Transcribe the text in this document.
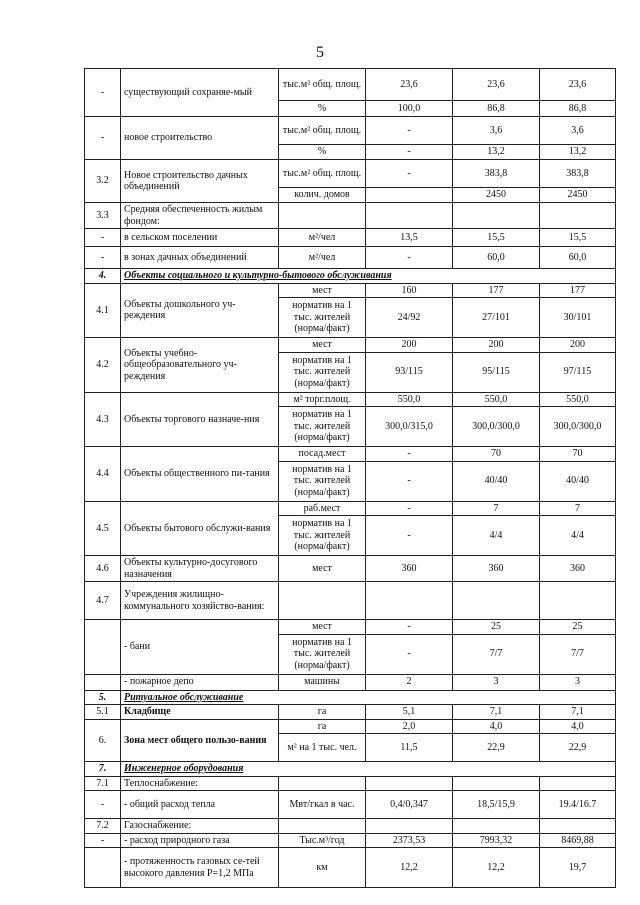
5
-	существующий сохраняе-мый	тыс.м² общ. площ.	23,6	23,6	23,6
		%	100,0	86,8	86,8
-	новое строительство	тыс.м² общ. площ.	-	3,6	3,6
		%	-	13,2	13,2
3.2	Новое строительство дачных объединений	тыс.м² общ. площ.	-	383,8	383,8
		колич. домов		2450	2450
3.3	Средняя обеспеченность жилым фондом:				
-	в сельском поселении	м²/чел	13,5	15,5	15,5
-	в зонах дачных объединений	м²/чел	-	60,0	60,0
4.	Объекты социального и культурно-бытового обслуживания				
4.1	Объекты дошкольного уч-реждения	мест	160	177	177
		норматив на 1 тыс. жителей (норма/факт)	24/92	27/101	30/101
4.2	Объекты учебно-общеобразовательного уч-реждения	мест	200	200	200
		норматив на 1 тыс. жителей (норма/факт)	93/115	95/115	97/115
4.3	Объекты торгового назначе-ния	м² торг.площ.	550,0	550,0	550,0
		норматив на 1 тыс. жителей (норма/факт)	300,0/315,0	300,0/300,0	300,0/300,0
4.4	Объекты общественного пи-тания	посад.мест	-	70	70
		норматив на 1 тыс. жителей (норма/факт)	-	40/40	40/40
4.5	Объекты бытового обслужи-вания	раб.мест	-	7	7
		норматив на 1 тыс. жителей (норма/факт)	-	4/4	4/4
4.6	Объекты культурно-досугового назначения	мест	360	360	360
4.7	Учреждения жилищно-коммунального хозяйство-вания:				
	- бани	мест	-	25	25
		норматив на 1 тыс. жителей (норма/факт)	-	7/7	7/7
	- пожарное депо	машины	2	3	3
5.	Ритуальное обслуживание				
5.1	Кладбище	га	5,1	7,1	7,1
6.	Зона мест общего пользо-вания	га	2,0	4,0	4,0
		м² на 1 тыс. чел.	11,5	22,9	22,9
7.	Инженерное оборудования				
7.1	Теплоснабжение:				
-	- общий расход тепла	Мвт/гкал в час.	0,4/0,347	18,5/15,9	19.4/16.7
7.2	Газоснабжение:				
-	- расход природного газа	Тыс.м³/год	2373,53	7993,32	8469,88
	- протяженность газовых се-тей высокого давления P=1,2 МПа	км	12,2	12,2	19,7
